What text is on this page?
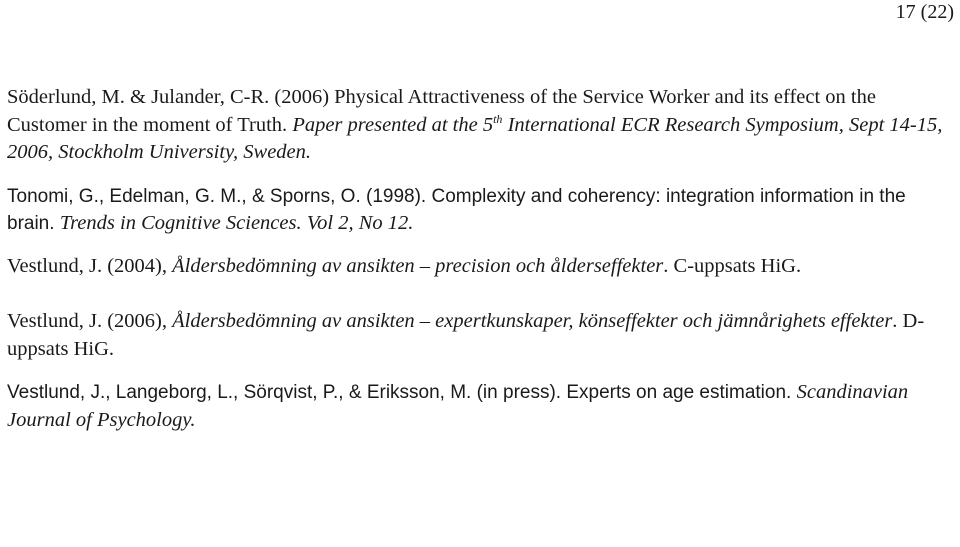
17 (22)

Söderlund, M. & Julander, C-R. (2006) Physical Attractiveness of the Service Worker and its effect on the Customer in the moment of Truth. Paper presented at the 5th International ECR Research Symposium, Sept 14-15, 2006, Stockholm University, Sweden.

Tonomi, G., Edelman, G. M., & Sporns, O. (1998). Complexity and coherency: integration information in the brain. Trends in Cognitive Sciences. Vol 2, No 12.

Vestlund, J. (2004), Åldersbedömning av ansikten – precision och ålderseffekter. C-uppsats HiG.

Vestlund, J. (2006), Åldersbedömning av ansikten – expertkunskaper, könseffekter och jämnårighets effekter. D-uppsats HiG.

Vestlund, J., Langeborg, L., Sörqvist, P., & Eriksson, M. (in press). Experts on age estimation. Scandinavian Journal of Psychology.
